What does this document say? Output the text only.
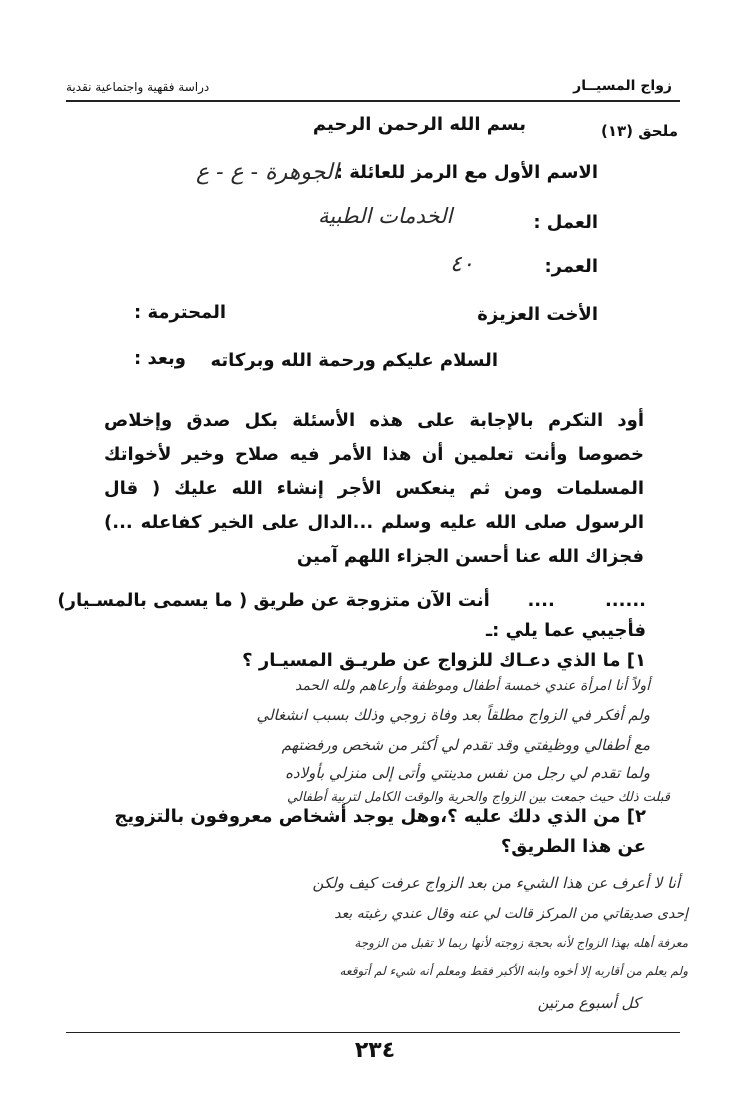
زواج المسيــار
دراسة فقهية واجتماعية نقدية
ملحق (١٣)
بسم الله الرحمن الرحيم
الاسم الأول مع الرمز للعائلة :
الجوهرة - ع - ع
العمل :
الخدمات الطبية
العمر:
٤٠
الأخت العزيزة
المحترمة :
السلام عليكم ورحمة الله وبركاته
وبعد :
أود التكرم بالإجابة على هذه الأسئلة بكل صدق وإخلاص خصوصا وأنت تعلمين أن هذا الأمر فيه صلاح وخير لأخواتك المسلمات ومن ثم ينعكس الأجر إنشاء الله عليك ( قال الرسول صلى الله عليه وسلم ...الدال على الخير كفاعله ...) فجزاك الله عنا أحسن الجزاء اللهم آمين
......        ....      أنت الآن متزوجة عن طريق ( ما يسمى بالمسـيار)
فأجيبي عما يلي :ـ
١] ما الذي دعـاك للزواج عن طريـق المسيـار ؟
أولاً أنا امرأة عندي خمسة أطفال وموظفة وأرعاهم ولله الحمد
ولم أفكر في الزواج مطلقاً بعد وفاة زوجي وذلك بسبب انشغالي
مع أطفالي ووظيفتي وقد تقدم لي أكثر من شخص ورفضتهم
ولما تقدم لي رجل من نفس مدينتي وأتى إلى منزلي بأولاده
قبلت ذلك حيث جمعت بين الزواج والحرية والوقت الكامل لتربية أطفالي
٢] من الذي دلك عليه ؟،وهل يوجد أشخاص معروفون بالتزويج عن هذا الطريق؟
أنا لا أعرف عن هذا الشيء من بعد الزواج عرفت كيف ولكن
إحدى صديقاتي من المركز قالت لي عنه وقال عندي رغبته بعد
معرفة أهله بهذا الزواج لأنه بحجة زوجته لأنها ربما لا تقبل من الزوجة
ولم يعلم من أقاربه إلا أخوه وابنه الأكبر فقط ومعلم أنه شيء لم أتوقعه
كل أسبوع مرتين
٢٣٤
